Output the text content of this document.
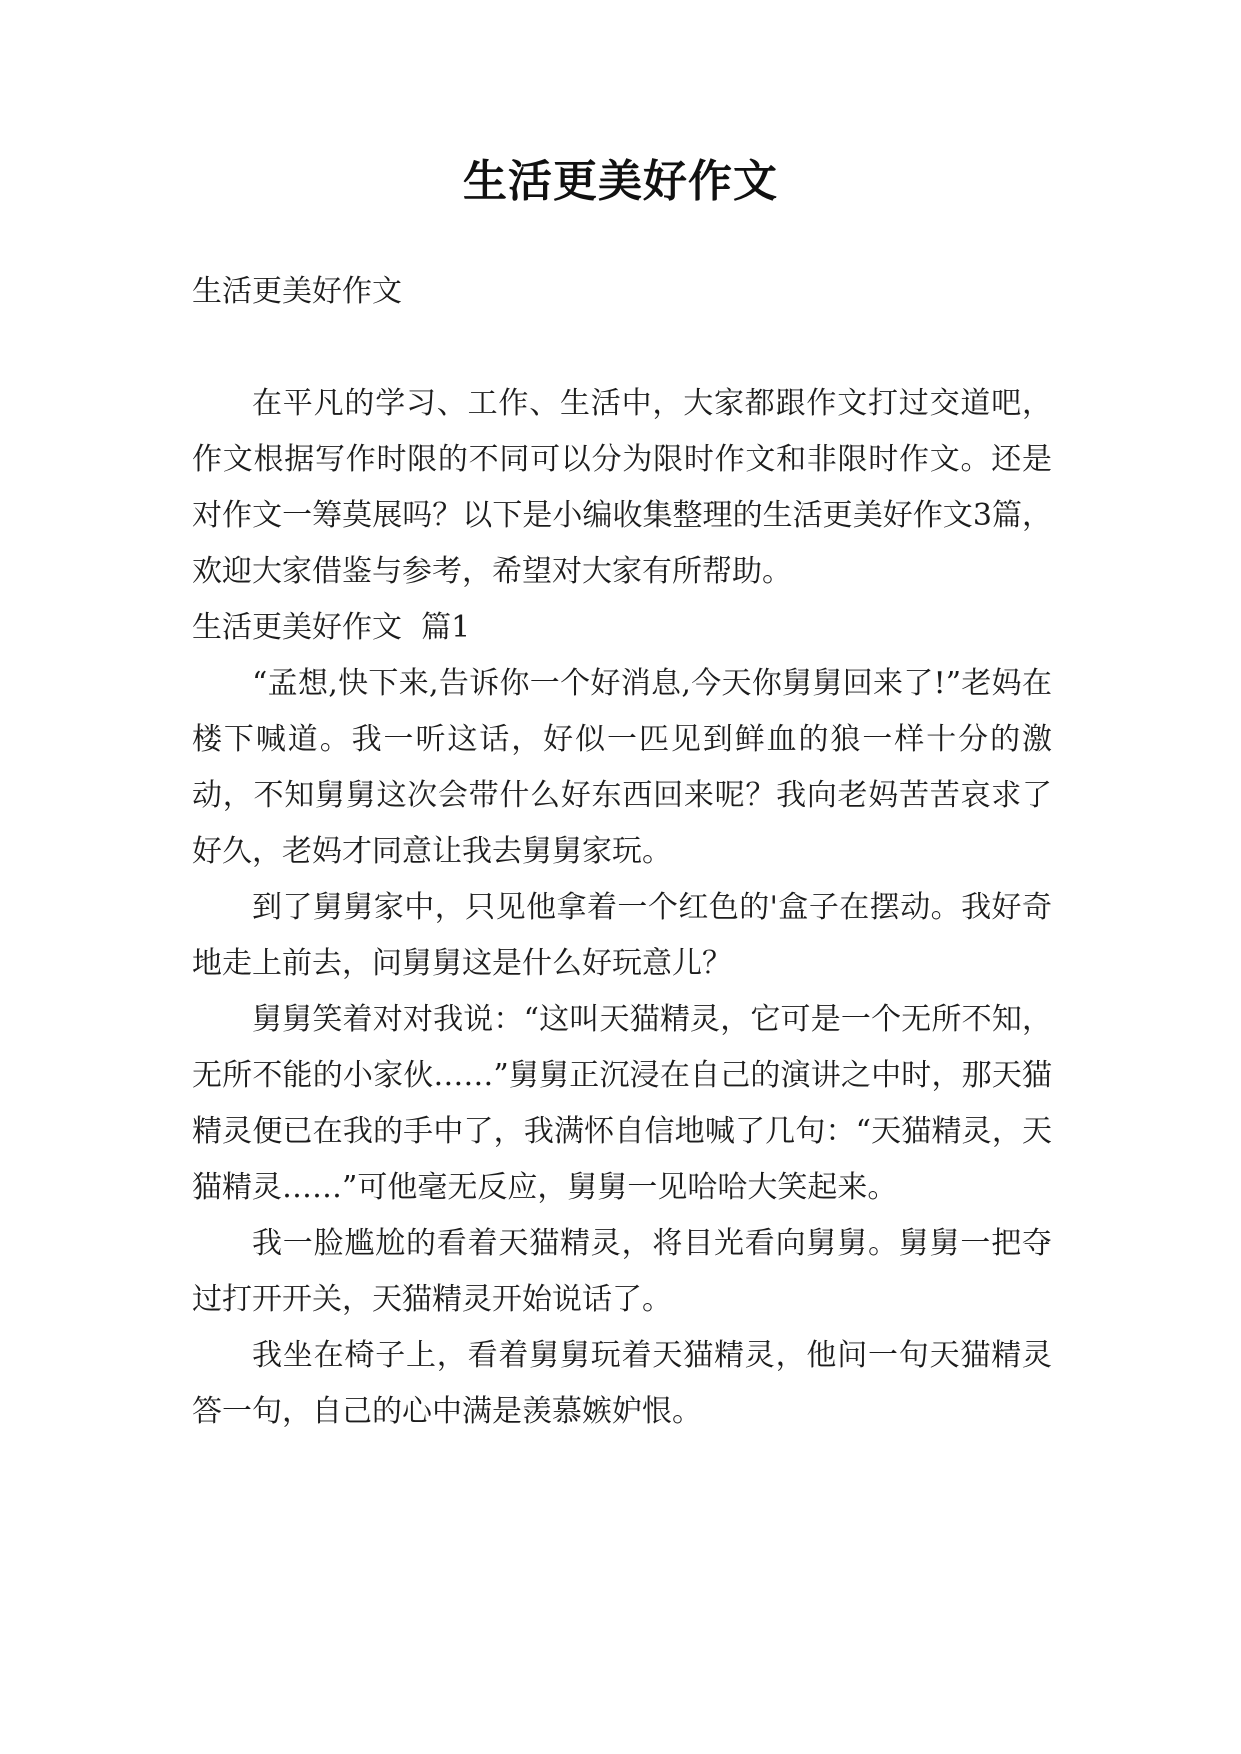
生活更美好作文

生活更美好作文

在平凡的学习、工作、生活中，大家都跟作文打过交道吧，作文根据写作时限的不同可以分为限时作文和非限时作文。还是对作文一筹莫展吗？以下是小编收集整理的生活更美好作文3篇，欢迎大家借鉴与参考，希望对大家有所帮助。

生活更美好作文  篇1

“孟想,快下来,告诉你一个好消息,今天你舅舅回来了!”老妈在楼下喊道。我一听这话，好似一匹见到鲜血的狼一样十分的激动，不知舅舅这次会带什么好东西回来呢？我向老妈苦苦哀求了好久，老妈才同意让我去舅舅家玩。

到了舅舅家中，只见他拿着一个红色的'盒子在摆动。我好奇地走上前去，问舅舅这是什么好玩意儿？

舅舅笑着对对我说：“这叫天猫精灵，它可是一个无所不知，无所不能的小家伙……”舅舅正沉浸在自己的演讲之中时，那天猫精灵便已在我的手中了，我满怀自信地喊了几句：“天猫精灵，天猫精灵……”可他毫无反应，舅舅一见哈哈大笑起来。

我一脸尴尬的看着天猫精灵，将目光看向舅舅。舅舅一把夺过打开开关，天猫精灵开始说话了。

我坐在椅子上，看着舅舅玩着天猫精灵，他问一句天猫精灵答一句，自己的心中满是羡慕嫉妒恨。
